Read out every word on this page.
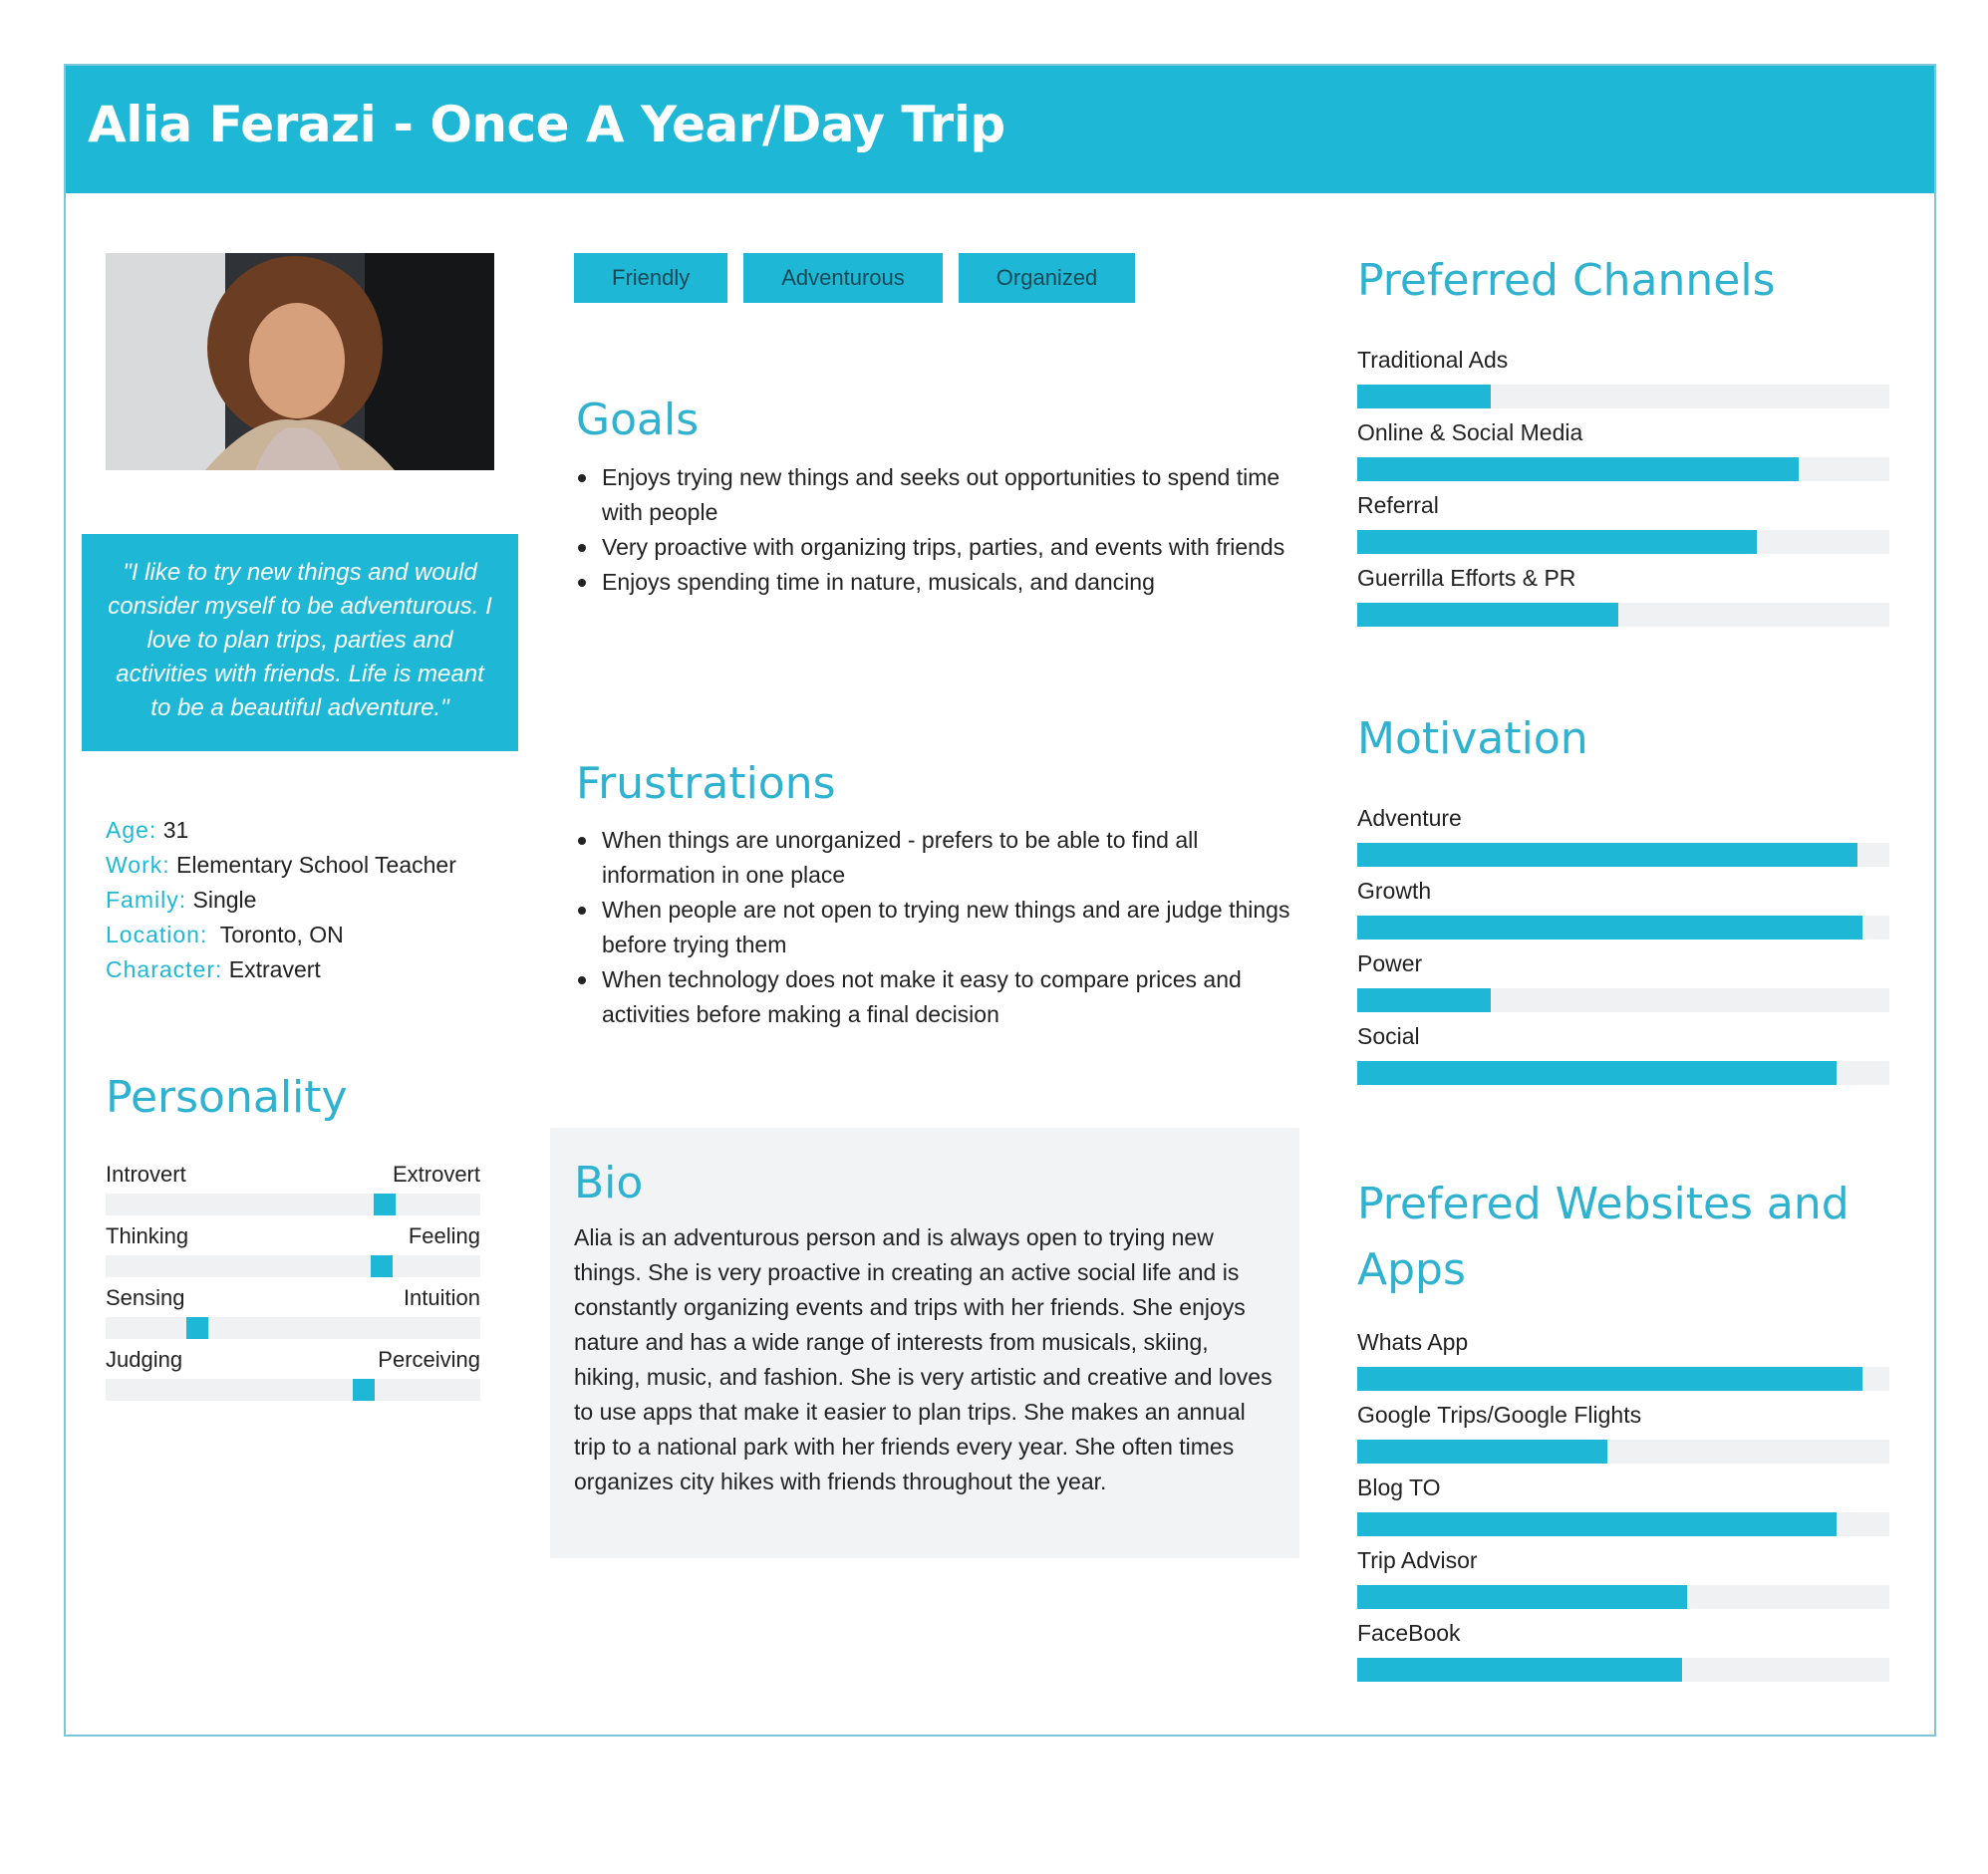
Alia Ferazi - Once A Year/Day Trip
"I like to try new things and would consider myself to be adventurous. I love to plan trips, parties and activities with friends. Life is meant to be a beautiful adventure."
Age: 31
Work: Elementary School Teacher
Family: Single
Location: Toronto, ON
Character: Extravert
Personality
Introvert	Extrovert
Thinking	Feeling
Sensing	Intuition
Judging	Perceiving
Friendly	Adventurous	Organized
Goals
Enjoys trying new things and seeks out opportunities to spend time with people
Very proactive with organizing trips, parties, and events with friends
Enjoys spending time in nature, musicals, and dancing
Frustrations
When things are unorganized - prefers to be able to find all information in one place
When people are not open to trying new things and are judge things before trying them
When technology does not make it easy to compare prices and activities before making a final decision
Bio

Alia is an adventurous person and is always open to trying new things. She is very proactive in creating an active social life and is constantly organizing events and trips with her friends. She enjoys nature and has a wide range of interests from musicals, skiing, hiking, music, and fashion. She is very artistic and creative and loves to use apps that make it easier to plan trips. She makes an annual trip to a national park with her friends every year. She often times organizes city hikes with friends throughout the year.

Preferred Channels
Traditional Ads
Online & Social Media
Referral
Guerrilla Efforts & PR
Motivation
Adventure
Growth
Power
Social
Prefered Websites and Apps
Whats App
Google Trips/Google Flights
Blog TO
Trip Advisor
FaceBook
